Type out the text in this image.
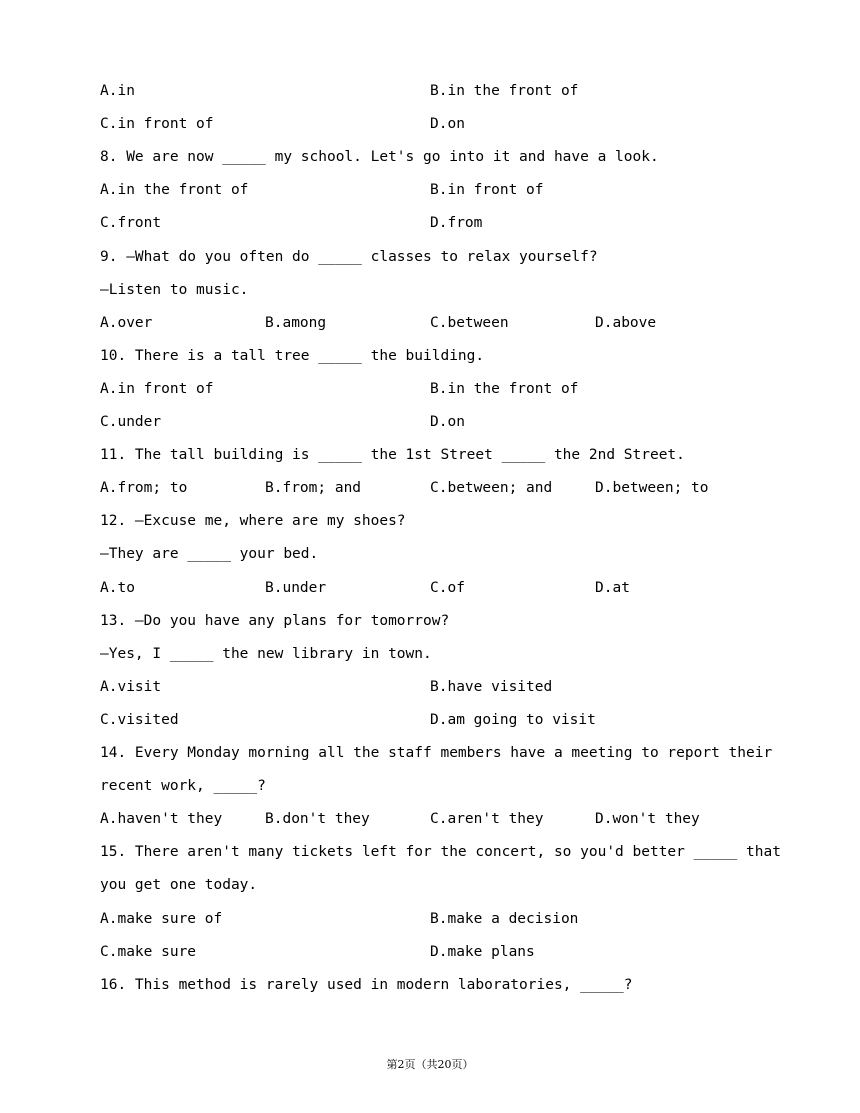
A.in	B.in the front of
C.in front of	D.on
8. We are now _____ my school. Let's go into it and have a look.
A.in the front of	B.in front of
C.front	D.from
9. —What do you often do _____ classes to relax yourself?
—Listen to music.
A.over	B.among	C.between	D.above
10. There is a tall tree _____ the building.
A.in front of	B.in the front of
C.under	D.on
11. The tall building is _____ the 1st Street _____ the 2nd Street.
A.from; to	B.from; and	C.between; and	D.between; to
12. —Excuse me, where are my shoes?
—They are _____ your bed.
A.to	B.under	C.of	D.at
13. —Do you have any plans for tomorrow?
—Yes, I _____ the new library in town.
A.visit	B.have visited
C.visited	D.am going to visit
14. Every Monday morning all the staff members have a meeting to report their
recent work, _____?
A.haven't they	B.don't they	C.aren't they	D.won't they
15. There aren't many tickets left for the concert, so you'd better _____ that
you get one today.
A.make sure of	B.make a decision
C.make sure	D.make plans
16. This method is rarely used in modern laboratories, _____?
第2页（共20页）
